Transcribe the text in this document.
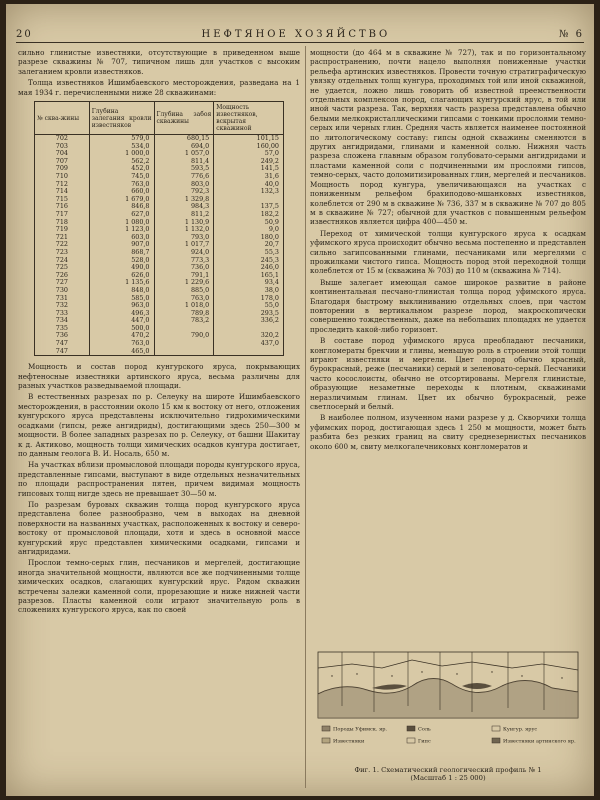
20	НЕФТЯНОЕ ХОЗЯЙСТВО	№ 6

сильно глинистые известняки, отсутствующие в приведенном выше разрезе скважины № 707, типичном лишь для участков с высоким залеганием кровли известняков.

Толща известняков Ишимбаевского месторождения, разведана на 1 мая 1934 г. перечисленными ниже 28 скважинами:

№ сква-жины	Глубина залегания кровли известняков	Глубина забоя скважины	Мощность известняков, вскрытая скважиной
702	579,0	680,15	101,15
703	534,0	694,0	160,00
704	1 000,0	1 057,0	57,0
707	562,2	811,4	249,2
709	452,0	593,5	141,5
710	745,0	776,6	31,6
712	763,0	803,0	40,0
714	660,0	792,3	132,3
715	1 679,0	1 329,8	
716	846,8	984,3	137,5
717	627,0	811,2	182,2
718	1 080,0	1 130,9	50,9
719	1 123,0	1 132,0	9,0
721	603,0	793,0	180,0
722	907,0	1 017,7	20,7
723	868,7	924,0	55,3
724	528,0	773,3	245,3
725	490,0	736,0	246,0
726	626,0	791,1	165,1
727	1 135,6	1 229,6	93,4
730	848,0	885,0	38,0
731	585,0	763,0	178,0
732	963,0	1 018,0	55,0
733	496,3	789,8	293,5
734	447,0	783,2	336,2
735	500,0		
736	470,2	790,0	320,2
747	763,0		437,0
747	465,0		

Мощность и состав пород кунгурского яруса, покрывающих нефтеносные известняки артинского яруса, весьма различны для разных участков разведываемой площади.

В естественных разрезах по р. Селеуку на широте Ишимбаевского месторождения, в расстоянии около 15 км к востоку от него, отложения кунгурского яруса представлены исключительно гидрохимическими осадками (гипсы, реже ангидриды), достигающими здесь 250—300 м мощности. В более западных разрезах по р. Селеуку, от башни Шакитау к д. Актиково, мощность толщи химических осадков кунгура достигает, по данным геолога В. И. Носаль, 650 м.

На участках вблизи промысловой площади породы кунгурского яруса, представленные гипсами, выступают в виде отдельных незначительных по площади распространения пятен, причем видимая мощность гипсовых толщ нигде здесь не превышает 30—50 м.

По разрезам буровых скважин толща пород кунгурского яруса представлена более разнообразно, чем в выходах на дневной поверхности на названных участках, расположенных к востоку и северо-востоку от промысловой площади, хотя и здесь в основной массе кунгурский ярус представлен химическими осадками, гипсами и ангидридами.

Прослои темно-серых глин, песчаников и мергелей, достигающие иногда значительной мощности, являются все же подчиненными толще химических осадков, слагающих кунгурский ярус. Рядом скважин встречены залежи каменной соли, прорезающие и ниже нижней части разрезов. Пласты каменной соли играют значительную роль в сложениях кунгурского яруса, как по своей

мощности (до 464 м в скважине № 727), так и по горизонтальному распространению, почти нацело выполняя пониженные участки рельефа артинских известняков. Провести точную стратиграфическую увязку отдельных толщ кунгура, проходимых той или иной скважиной, не удается, ложно лишь говорить об известной преемственности отдельных комплексов пород, слагающих кунгурский ярус, в той или иной части разреза. Так, верхняя часть разреза представлена обычно белыми мелкокристаллическими гипсами с тонкими прослоями темно-серых или черных глин. Средняя часть является наименее постоянной по литологическому составу: гипсы одной скважины сменяются в других ангидридами, глинами и каменной солью. Нижняя часть разреза сложена главным образом голубовато-серыми ангидридами и пластами каменной соли с подчиненными им прослоями гипсов, темно-серых, часто доломитизированных глин, мергелей и песчаников. Мощность пород кунгура, увеличивающаяся на участках с пониженным рельефом брахиподово-мшанковых известняков, колеблется от 290 м в скважине № 736, 337 м в скважине № 707 до 805 м в скважине № 727; обычной для участков с повышенным рельефом известняков является цифра 400—450 м.

Переход от химической толщи кунгурского яруса к осадкам уфимского яруса происходит обычно весьма постепенно и представлен сильно загипсованными глинами, песчаниками или мергелями с прожилками чистого гипса. Мощность пород этой переходной толщи колеблется от 15 м (скважина № 703) до 110 м (скважина № 714).

Выше залегает имеющая самое широкое развитие в районе континентальная песчано-глинистая толща пород уфимского яруса. Благодаря быстрому выклиниванию отдельных слоев, при частом повторении в вертикальном разрезе пород, макроскопически совершенно тождественных, даже на небольших площадях не удается проследить какой-либо горизонт.

В составе пород уфимского яруса преобладают песчаники, конгломераты брекчии и глины, меньшую роль в строении этой толщи играют известняки и мергели. Цвет пород обычно красный, бурокрасный, реже (песчаники) серый и зеленовато-серый. Песчаники часто косослоисты, обычно не отсортированы. Мергеля глинистые, образующие незаметные переходы к плотным, скважинами неразличимым глинам. Цвет их обычно бурокрасный, реже светлосерый и белый.

В наиболее полном, изученном нами разрезе у д. Скворчихи толща уфимских пород, достигающая здесь 1 250 м мощности, может быть разбита без резких границ на свиту среднезернистых песчаников около 600 м, свиту мелкогалечниковых конгломератов и

Породы Уфимск. яр.	Соль	Кунгур. ярус
Известняки	Гипс	Известняки артинского яр.
Фиг. 1. Схематический геологический профиль № 1
(Масштаб 1 : 25 000)
